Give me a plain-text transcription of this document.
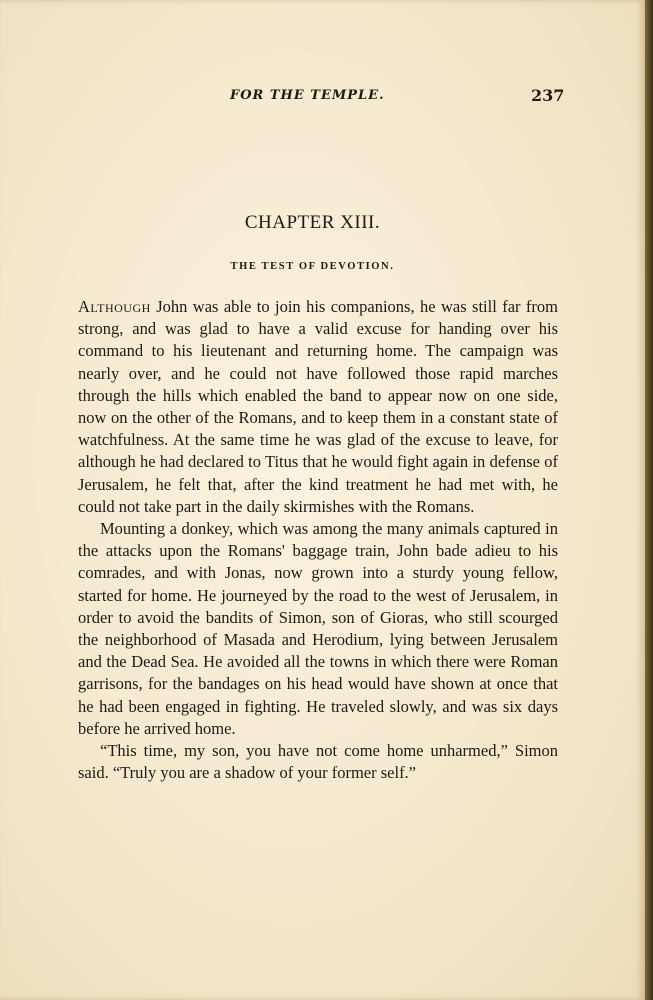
FOR THE TEMPLE.	237
CHAPTER XIII.
THE TEST OF DEVOTION.

Although John was able to join his companions, he was still far from strong, and was glad to have a valid excuse for handing over his command to his lieutenant and returning home. The campaign was nearly over, and he could not have followed those rapid marches through the hills which enabled the band to appear now on one side, now on the other of the Romans, and to keep them in a constant state of watchfulness. At the same time he was glad of the excuse to leave, for although he had declared to Titus that he would fight again in defense of Jerusalem, he felt that, after the kind treatment he had met with, he could not take part in the daily skirmishes with the Romans.

Mounting a donkey, which was among the many animals captured in the attacks upon the Romans' baggage train, John bade adieu to his comrades, and with Jonas, now grown into a sturdy young fellow, started for home. He journeyed by the road to the west of Jerusalem, in order to avoid the bandits of Simon, son of Gioras, who still scourged the neighborhood of Masada and Herodium, lying between Jerusalem and the Dead Sea. He avoided all the towns in which there were Roman garrisons, for the bandages on his head would have shown at once that he had been engaged in fighting. He traveled slowly, and was six days before he arrived home.

“This time, my son, you have not come home unharmed,” Simon said. “Truly you are a shadow of your former self.”
